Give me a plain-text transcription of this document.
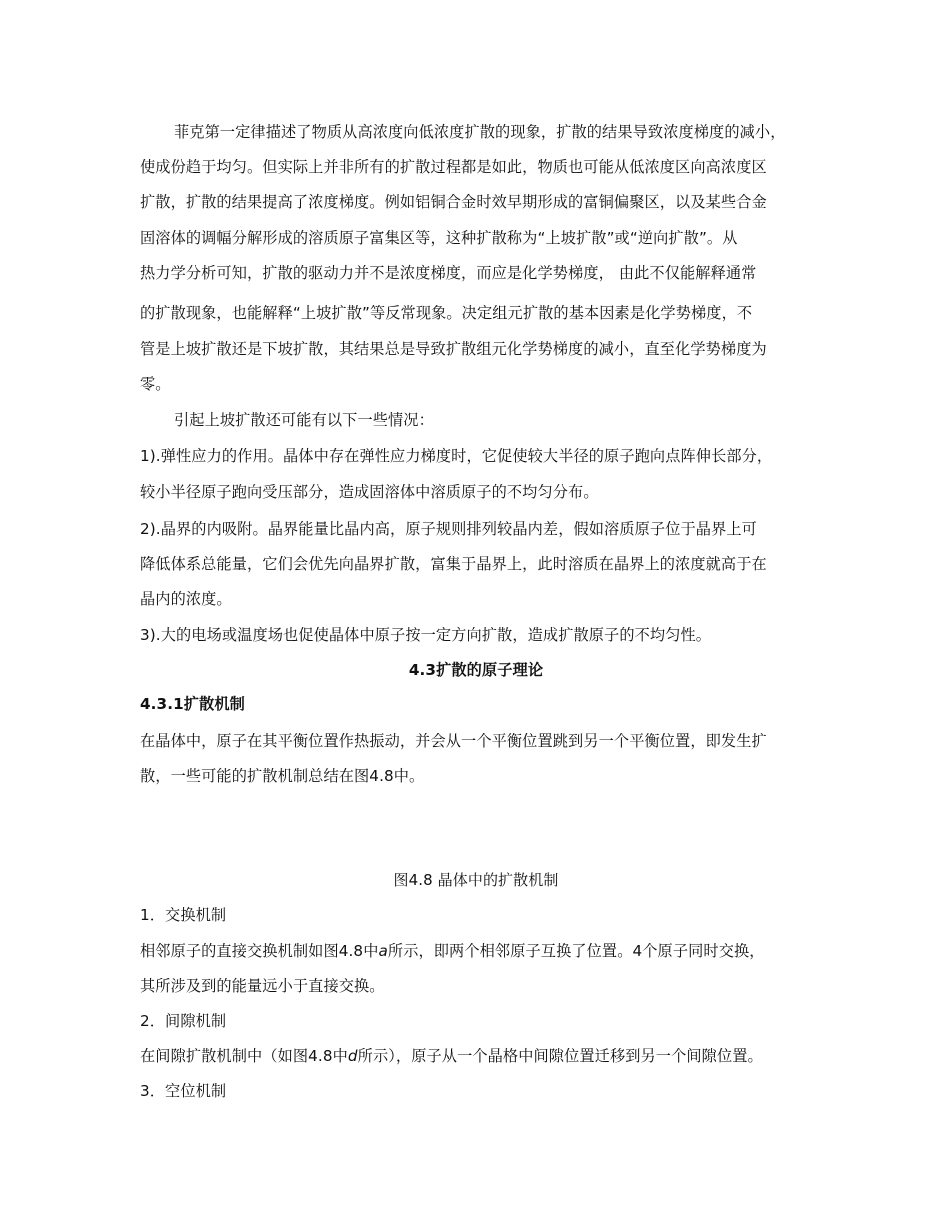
菲克第一定律描述了物质从高浓度向低浓度扩散的现象，扩散的结果导致浓度梯度的减小，
使成份趋于均匀。但实际上并非所有的扩散过程都是如此，物质也可能从低浓度区向高浓度区
扩散，扩散的结果提高了浓度梯度。例如铝铜合金时效早期形成的富铜偏聚区，以及某些合金
固溶体的调幅分解形成的溶质原子富集区等，这种扩散称为“上坡扩散”或“逆向扩散”。从
热力学分析可知，扩散的驱动力并不是浓度梯度，而应是化学势梯度， 由此不仅能解释通常
的扩散现象，也能解释“上坡扩散”等反常现象。决定组元扩散的基本因素是化学势梯度，不
管是上坡扩散还是下坡扩散，其结果总是导致扩散组元化学势梯度的减小，直至化学势梯度为
零。
引起上坡扩散还可能有以下一些情况：
1).弹性应力的作用。晶体中存在弹性应力梯度时，它促使较大半径的原子跑向点阵伸长部分，
较小半径原子跑向受压部分，造成固溶体中溶质原子的不均匀分布。
2).晶界的内吸附。晶界能量比晶内高，原子规则排列较晶内差，假如溶质原子位于晶界上可
降低体系总能量，它们会优先向晶界扩散，富集于晶界上，此时溶质在晶界上的浓度就高于在
晶内的浓度。
3).大的电场或温度场也促使晶体中原子按一定方向扩散，造成扩散原子的不均匀性。
4.3扩散的原子理论
4.3.1扩散机制
在晶体中，原子在其平衡位置作热振动，并会从一个平衡位置跳到另一个平衡位置，即发生扩
散，一些可能的扩散机制总结在图4.8中。
图4.8 晶体中的扩散机制
1．交换机制
相邻原子的直接交换机制如图4.8中a所示，即两个相邻原子互换了位置。4个原子同时交换，
其所涉及到的能量远小于直接交换。
2．间隙机制
在间隙扩散机制中（如图4.8中d所示），原子从一个晶格中间隙位置迁移到另一个间隙位置。
3．空位机制
